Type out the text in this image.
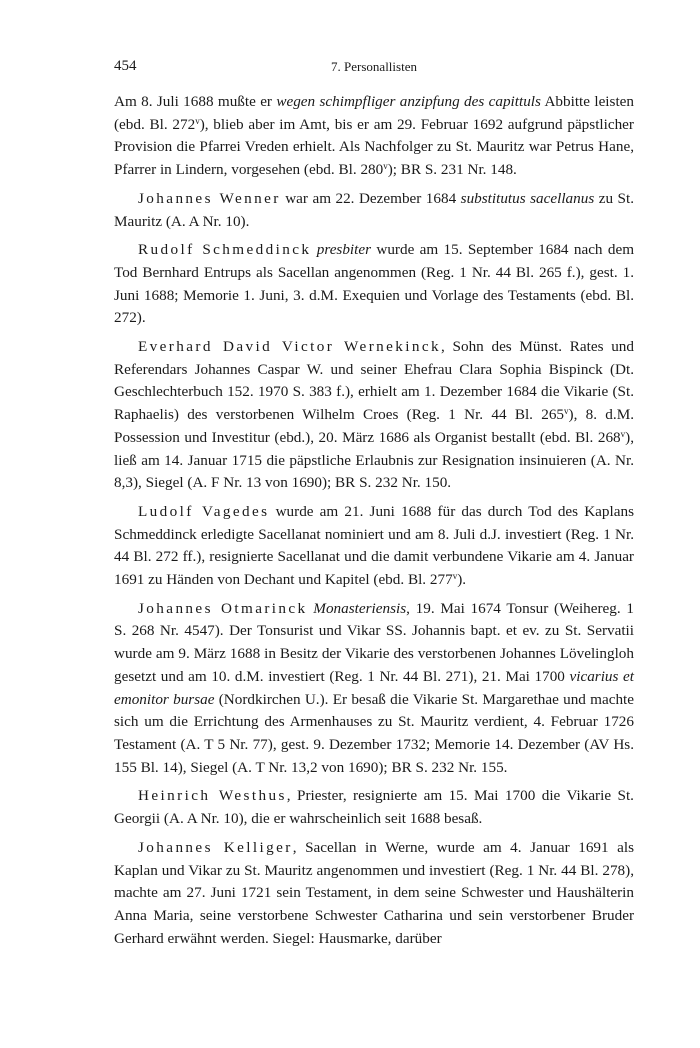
454	7. Personallisten

Am 8. Juli 1688 mußte er wegen schimpfliger anzipfung des capittuls Abbitte leisten (ebd. Bl. 272$^v$), blieb aber im Amt, bis er am 29. Februar 1692 aufgrund päpstlicher Provision die Pfarrei Vreden erhielt. Als Nachfolger zu St. Mauritz war Petrus Hane, Pfarrer in Lindern, vorgesehen (ebd. Bl. 280$^v$); BR S. 231 Nr. 148.

Johannes Wenner war am 22. Dezember 1684 substitutus sacellanus zu St. Mauritz (A. A Nr. 10).

Rudolf Schmeddinck presbiter wurde am 15. September 1684 nach dem Tod Bernhard Entrups als Sacellan angenommen (Reg. 1 Nr. 44 Bl. 265 f.), gest. 1. Juni 1688; Memorie 1. Juni, 3. d.M. Exequien und Vorlage des Testaments (ebd. Bl. 272).

Everhard David Victor Wernekinck, Sohn des Münst. Rates und Referendars Johannes Caspar W. und seiner Ehefrau Clara Sophia Bispinck (Dt. Geschlechterbuch 152. 1970 S. 383 f.), erhielt am 1. Dezember 1684 die Vikarie (St. Raphaelis) des verstorbenen Wilhelm Croes (Reg. 1 Nr. 44 Bl. 265$^v$), 8. d.M. Possession und Investitur (ebd.), 20. März 1686 als Organist bestallt (ebd. Bl. 268$^v$), ließ am 14. Januar 1715 die päpstliche Erlaubnis zur Resignation insinuieren (A. Nr. 8,3), Siegel (A. F Nr. 13 von 1690); BR S. 232 Nr. 150.

Ludolf Vagedes wurde am 21. Juni 1688 für das durch Tod des Kaplans Schmeddinck erledigte Sacellanat nominiert und am 8. Juli d.J. investiert (Reg. 1 Nr. 44 Bl. 272 ff.), resignierte Sacellanat und die damit verbundene Vikarie am 4. Januar 1691 zu Händen von Dechant und Kapitel (ebd. Bl. 277$^v$).

Johannes Otmarinck Monasteriensis, 19. Mai 1674 Tonsur (Weihereg. 1 S. 268 Nr. 4547). Der Tonsurist und Vikar SS. Johannis bapt. et ev. zu St. Servatii wurde am 9. März 1688 in Besitz der Vikarie des verstorbenen Johannes Lövelingloh gesetzt und am 10. d.M. investiert (Reg. 1 Nr. 44 Bl. 271), 21. Mai 1700 vicarius et emonitor bursae (Nordkirchen U.). Er besaß die Vikarie St. Margarethae und machte sich um die Errichtung des Armenhauses zu St. Mauritz verdient, 4. Februar 1726 Testament (A. T 5 Nr. 77), gest. 9. Dezember 1732; Memorie 14. Dezember (AV Hs. 155 Bl. 14), Siegel (A. T Nr. 13,2 von 1690); BR S. 232 Nr. 155.

Heinrich Westhus, Priester, resignierte am 15. Mai 1700 die Vikarie St. Georgii (A. A Nr. 10), die er wahrscheinlich seit 1688 besaß.

Johannes Kelliger, Sacellan in Werne, wurde am 4. Januar 1691 als Kaplan und Vikar zu St. Mauritz angenommen und investiert (Reg. 1 Nr. 44 Bl. 278), machte am 27. Juni 1721 sein Testament, in dem seine Schwester und Haushälterin Anna Maria, seine verstorbene Schwester Catharina und sein verstorbener Bruder Gerhard erwähnt werden. Siegel: Hausmarke, darüber
